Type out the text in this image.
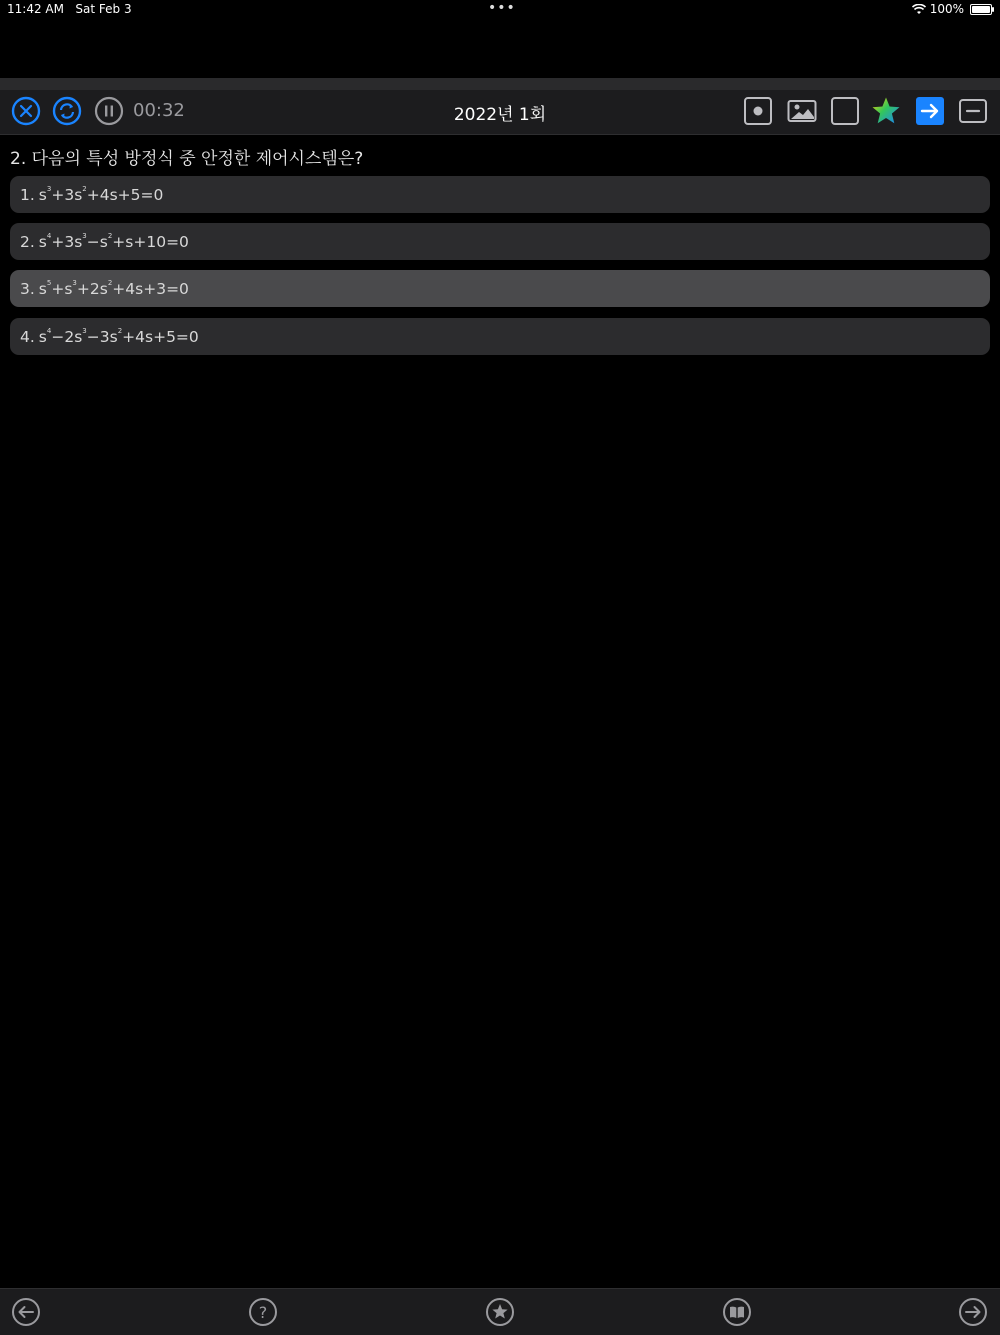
11:42 AM Sat Feb 3	•••	100%
00:32	2022년 1회
2. 다음의 특성 방정식 중 안정한 제어시스템은?
1. $s^3+3s^2+4s+5=0$
2. $s^4+3s^3-s^2+s+10=0$
3. $s^5+s^3+2s^2+4s+3=0$
4. $s^4-2s^3-3s^2+4s+5=0$
?
